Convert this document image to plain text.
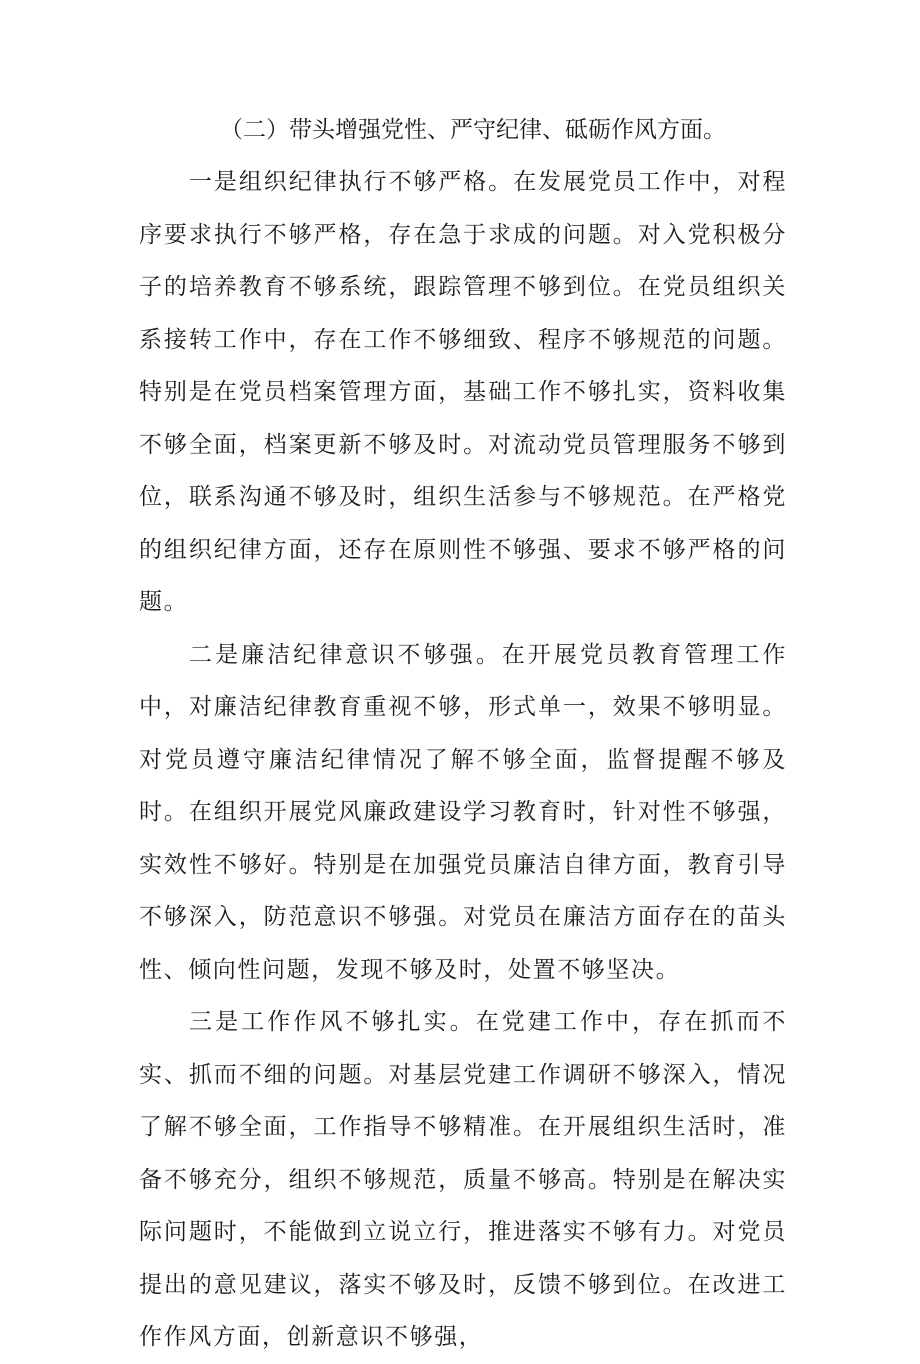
（二）带头增强党性、严守纪律、砥砺作风方面。

一是组织纪律执行不够严格。在发展党员工作中，对程序要求执行不够严格，存在急于求成的问题。对入党积极分子的培养教育不够系统，跟踪管理不够到位。在党员组织关系接转工作中，存在工作不够细致、程序不够规范的问题。特别是在党员档案管理方面，基础工作不够扎实，资料收集不够全面，档案更新不够及时。对流动党员管理服务不够到位，联系沟通不够及时，组织生活参与不够规范。在严格党的组织纪律方面，还存在原则性不够强、要求不够严格的问题。

二是廉洁纪律意识不够强。在开展党员教育管理工作中，对廉洁纪律教育重视不够，形式单一，效果不够明显。对党员遵守廉洁纪律情况了解不够全面，监督提醒不够及时。在组织开展党风廉政建设学习教育时，针对性不够强，实效性不够好。特别是在加强党员廉洁自律方面，教育引导不够深入，防范意识不够强。对党员在廉洁方面存在的苗头性、倾向性问题，发现不够及时，处置不够坚决。

三是工作作风不够扎实。在党建工作中，存在抓而不实、抓而不细的问题。对基层党建工作调研不够深入，情况了解不够全面，工作指导不够精准。在开展组织生活时，准备不够充分，组织不够规范，质量不够高。特别是在解决实际问题时，不能做到立说立行，推进落实不够有力。对党员提出的意见建议，落实不够及时，反馈不够到位。在改进工作作风方面，创新意识不够强，
